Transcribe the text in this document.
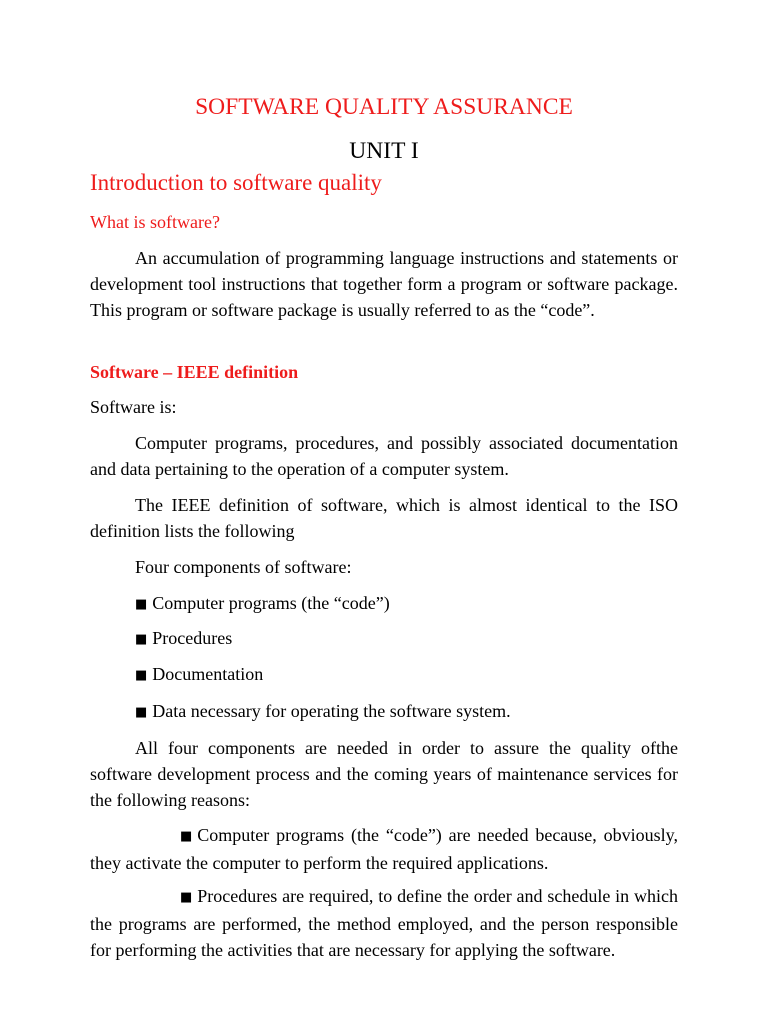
SOFTWARE QUALITY ASSURANCE
UNIT I
Introduction to software quality
What is software?

An accumulation of programming language instructions and statements or development tool instructions that together form a program or software package. This program or software package is usually referred to as the “code”.

Software – IEEE definition

Software is:

Computer programs, procedures, and possibly associated documentation and data pertaining to the operation of a computer system.

The IEEE definition of software, which is almost identical to the ISO definition lists the following

Four components of software:

■ Computer programs (the “code”)

■ Procedures

■ Documentation

■ Data necessary for operating the software system.

All four components are needed in order to assure the quality ofthe software development process and the coming years of maintenance services for the following reasons:

■ Computer programs (the “code”) are needed because, obviously, they activate the computer to perform the required applications.

■ Procedures are required, to define the order and schedule in which the programs are performed, the method employed, and the person responsible for performing the activities that are necessary for applying the software.
